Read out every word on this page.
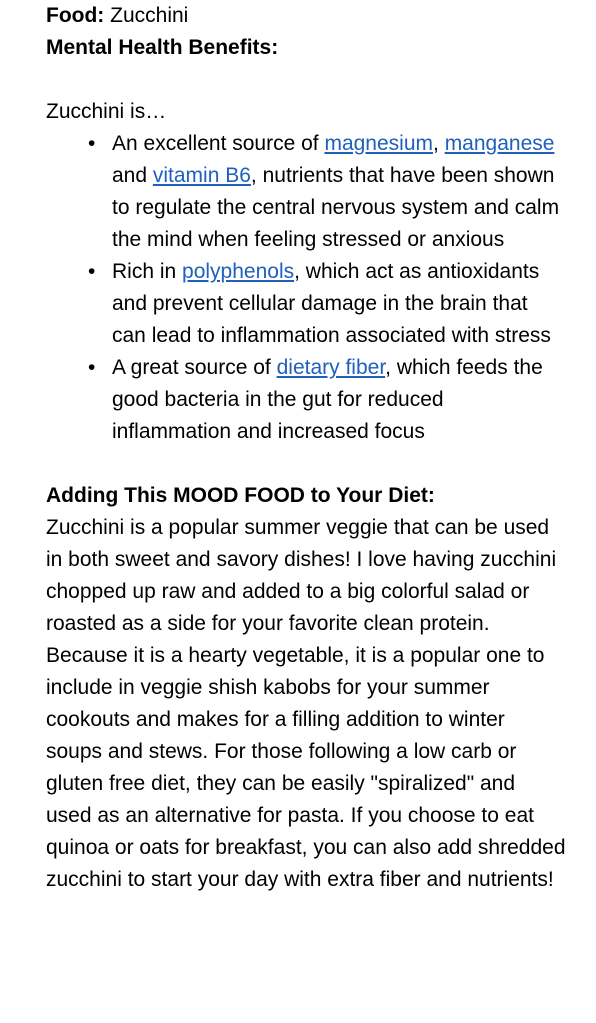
Food: Zucchini

Mental Health Benefits:

Zucchini is…

• An excellent source of magnesium, manganese and vitamin B6, nutrients that have been shown to regulate the central nervous system and calm the mind when feeling stressed or anxious
• Rich in polyphenols, which act as antioxidants and prevent cellular damage in the brain that can lead to inflammation associated with stress
• A great source of dietary fiber, which feeds the good bacteria in the gut for reduced inflammation and increased focus

Adding This MOOD FOOD to Your Diet:

Zucchini is a popular summer veggie that can be used in both sweet and savory dishes! I love having zucchini chopped up raw and added to a big colorful salad or roasted as a side for your favorite clean protein. Because it is a hearty vegetable, it is a popular one to include in veggie shish kabobs for your summer cookouts and makes for a filling addition to winter soups and stews. For those following a low carb or gluten free diet, they can be easily "spiralized" and used as an alternative for pasta. If you choose to eat quinoa or oats for breakfast, you can also add shredded zucchini to start your day with extra fiber and nutrients!
